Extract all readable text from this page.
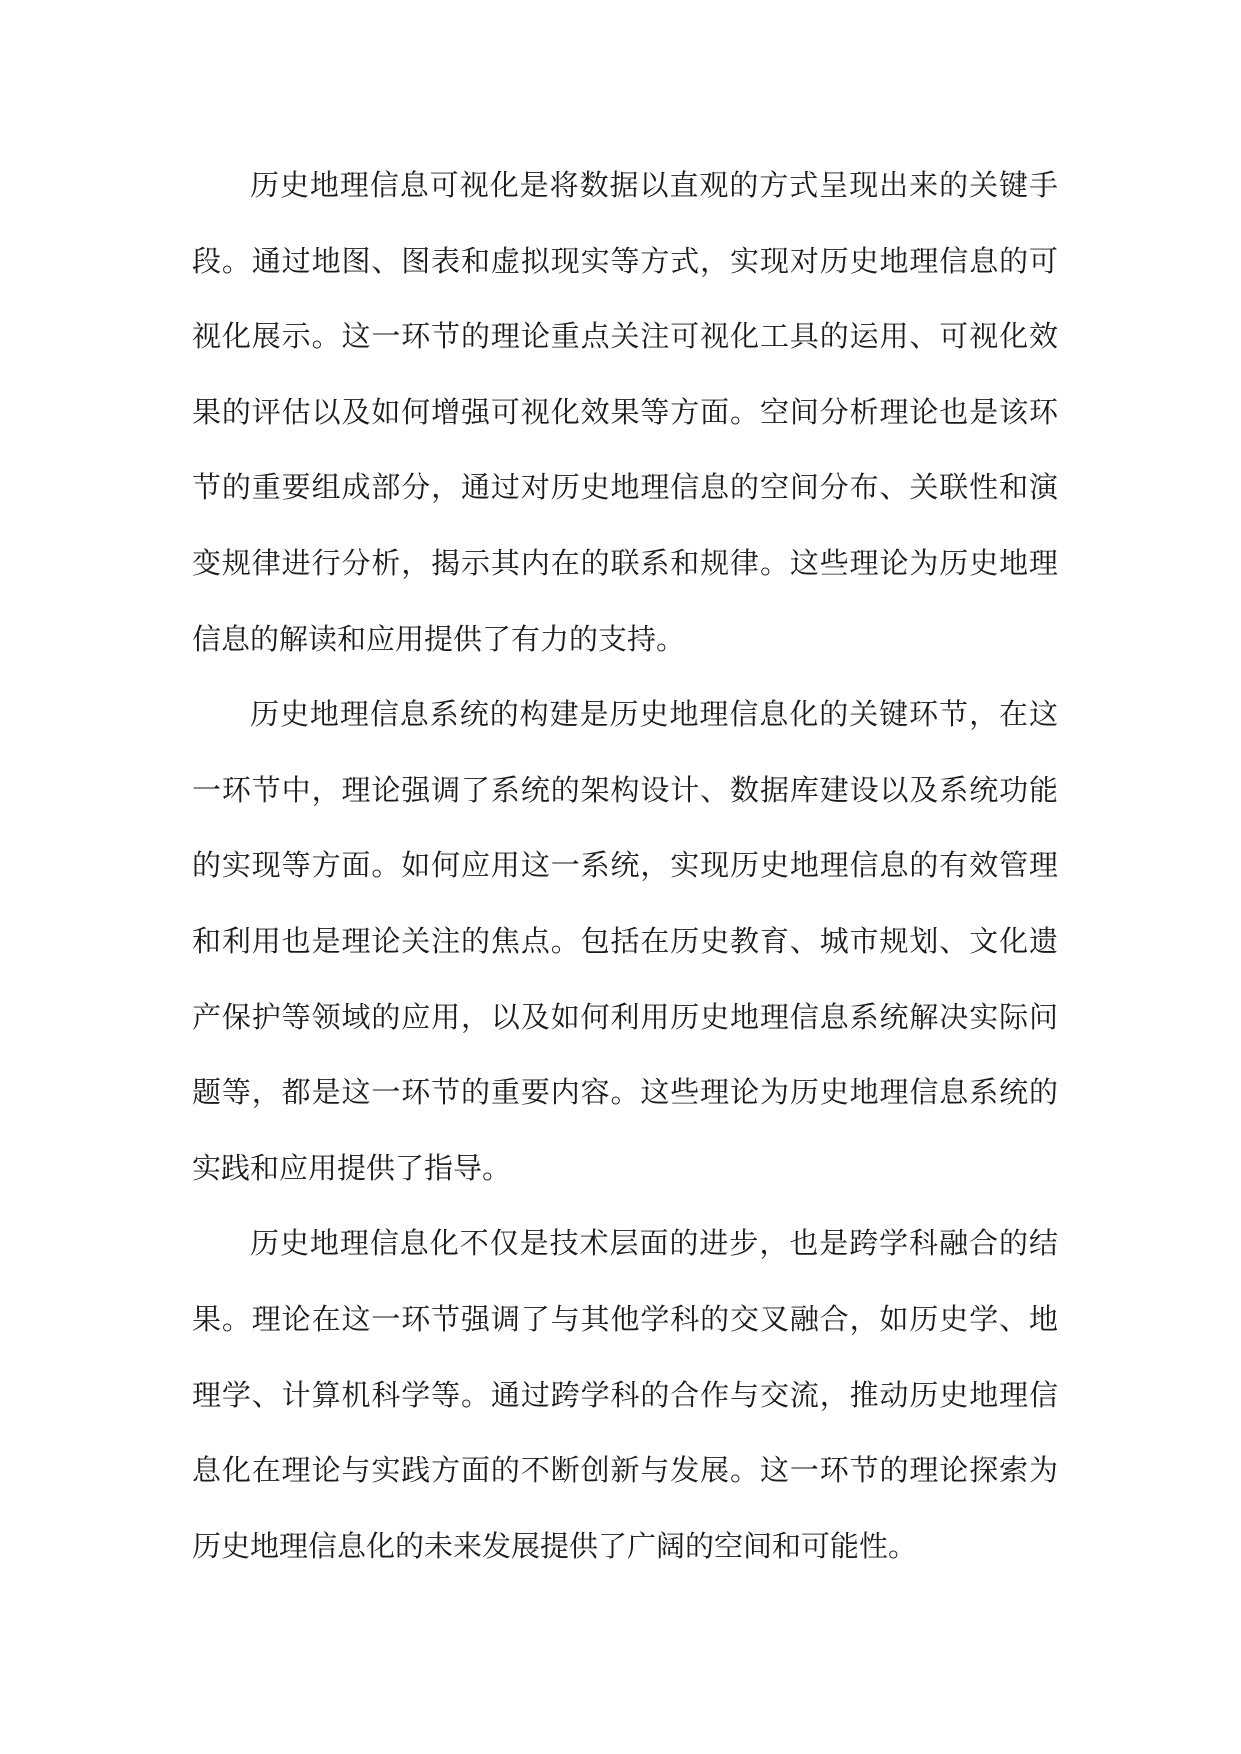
历史地理信息可视化是将数据以直观的方式呈现出来的关键手段。通过地图、图表和虚拟现实等方式，实现对历史地理信息的可视化展示。这一环节的理论重点关注可视化工具的运用、可视化效果的评估以及如何增强可视化效果等方面。空间分析理论也是该环节的重要组成部分，通过对历史地理信息的空间分布、关联性和演变规律进行分析，揭示其内在的联系和规律。这些理论为历史地理信息的解读和应用提供了有力的支持。

历史地理信息系统的构建是历史地理信息化的关键环节，在这一环节中，理论强调了系统的架构设计、数据库建设以及系统功能的实现等方面。如何应用这一系统，实现历史地理信息的有效管理和利用也是理论关注的焦点。包括在历史教育、城市规划、文化遗产保护等领域的应用，以及如何利用历史地理信息系统解决实际问题等，都是这一环节的重要内容。这些理论为历史地理信息系统的实践和应用提供了指导。

历史地理信息化不仅是技术层面的进步，也是跨学科融合的结果。理论在这一环节强调了与其他学科的交叉融合，如历史学、地理学、计算机科学等。通过跨学科的合作与交流，推动历史地理信息化在理论与实践方面的不断创新与发展。这一环节的理论探索为历史地理信息化的未来发展提供了广阔的空间和可能性。
